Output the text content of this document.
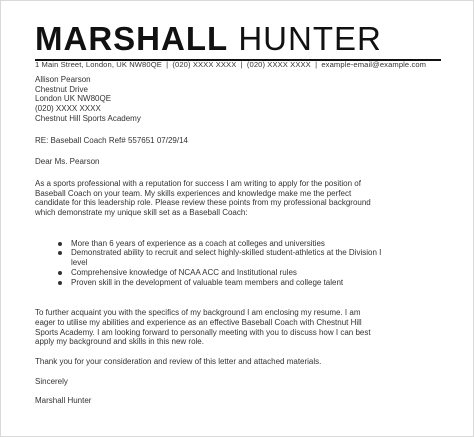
MARSHALL HUNTER
1 Main Street, London, UK NW80QE | (020) XXXX XXXX | (020) XXXX XXXX | example-email@example.com
Allison Pearson
Chestnut Drive
London UK NW80QE
(020) XXXX XXXX
Chestnut Hill Sports Academy
RE: Baseball Coach Ref# 557651 07/29/14
Dear Ms. Pearson
As a sports professional with a reputation for success I am writing to apply for the position of
Baseball Coach on your team. My skills experiences and knowledge make me the perfect
candidate for this leadership role. Please review these points from my professional background
which demonstrate my unique skill set as a Baseball Coach:
More than 6 years of experience as a coach at colleges and universities
Demonstrated ability to recruit and select highly-skilled student-athletics at the Division I
level
Comprehensive knowledge of NCAA ACC and Institutional rules
Proven skill in the development of valuable team members and college talent
To further acquaint you with the specifics of my background I am enclosing my resume. I am
eager to utilise my abilities and experience as an effective Baseball Coach with Chestnut Hill
Sports Academy. I am looking forward to personally meeting with you to discuss how I can best
apply my background and skills in this new role.
Thank you for your consideration and review of this letter and attached materials.
Sincerely
Marshall Hunter
